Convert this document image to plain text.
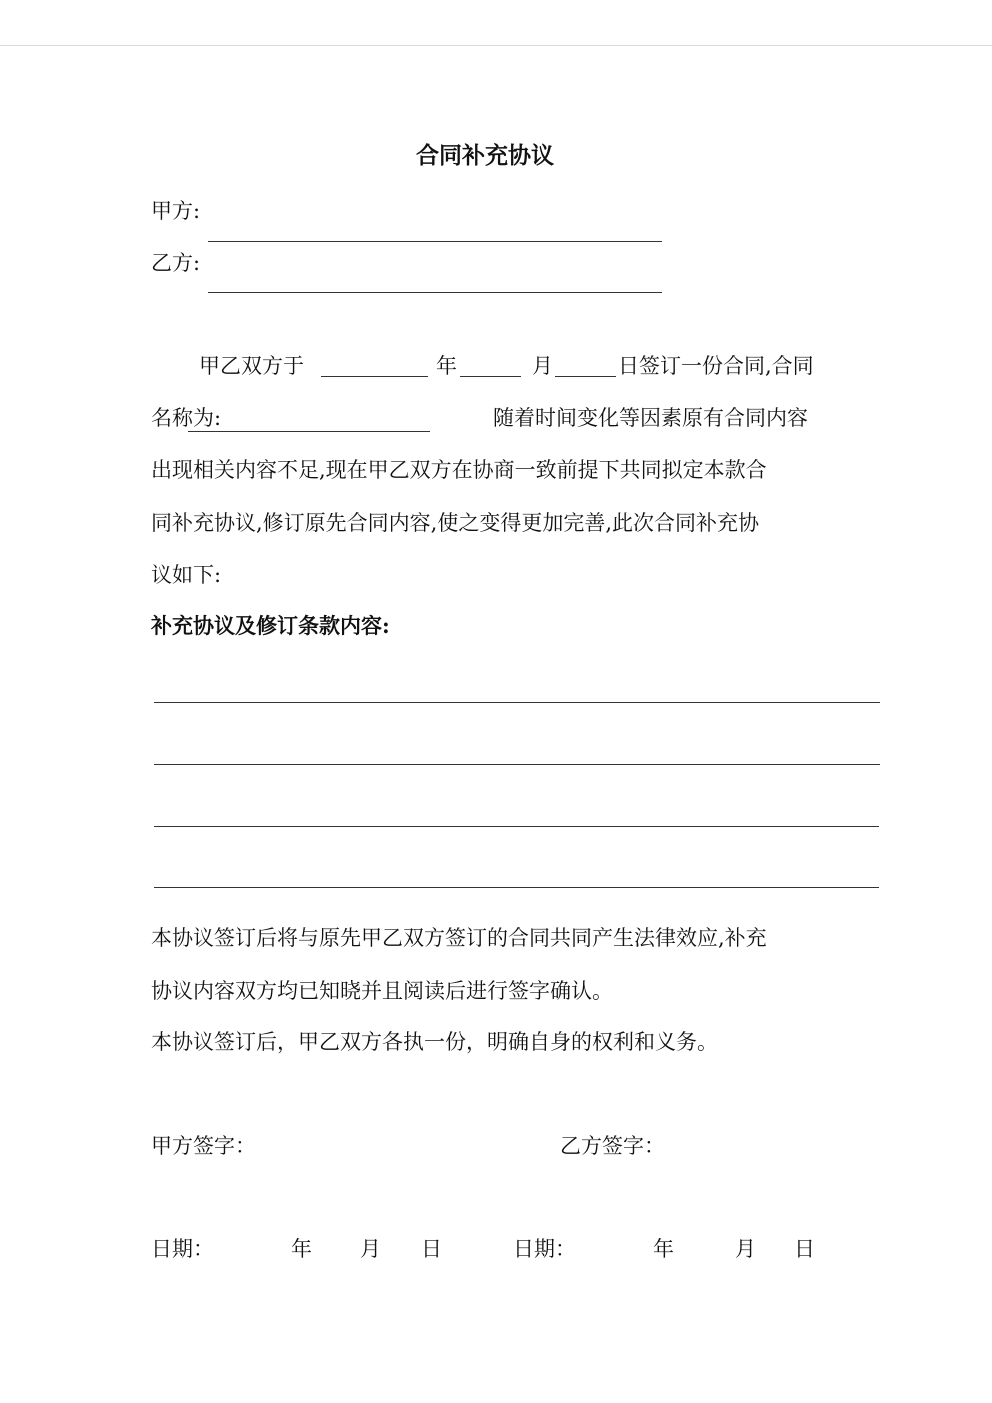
合同补充协议
甲方:
乙方:
甲乙双方于	年	月	日签订一份合同,合同
名称为:	随着时间变化等因素原有合同内容
出现相关内容不足,现在甲乙双方在协商一致前提下共同拟定本款合
同补充协议,修订原先合同内容,使之变得更加完善,此次合同补充协
议如下:
补充协议及修订条款内容:
本协议签订后将与原先甲乙双方签订的合同共同产生法律效应,补充
协议内容双方均已知晓并且阅读后进行签字确认。
本协议签订后，甲乙双方各执一份，明确自身的权利和义务。
甲方签字：	乙方签字：
日期：	年 月 日	日期：	年	月 日
